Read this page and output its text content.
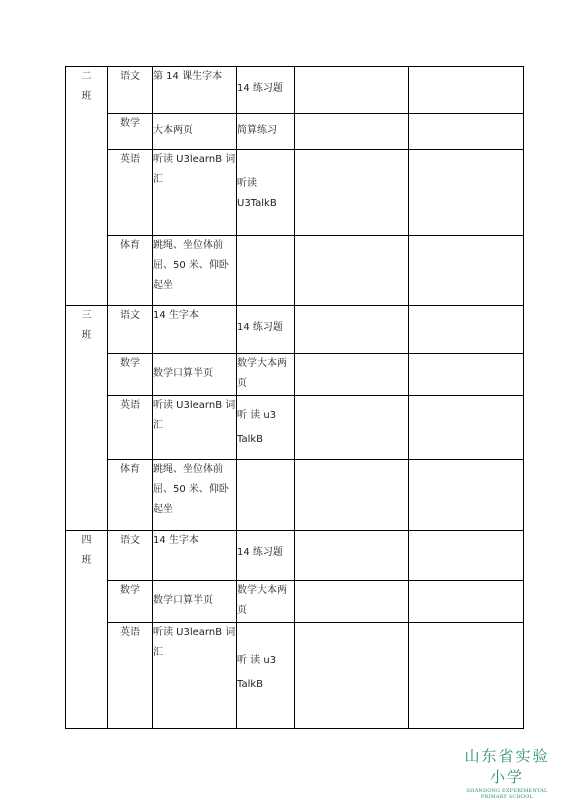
二
班	语文	第 14 课生字本	14 练习题		
	数学	大本两页	简算练习		
	英语	听读 U3learnB 词汇	听读 U3TalkB		
	体育	跳绳、坐位体前屈、50 米、仰卧起坐			

三
班	语文	14 生字本	14 练习题		
	数学	数学口算半页	数学大本两页		
	英语	听读 U3learnB 词汇	听 读 u3 TalkB		
	体育	跳绳、坐位体前屈、50 米、仰卧起坐			

四
班	语文	14 生字本	14 练习题		
	数学	数学口算半页	数学大本两页		
	英语	听读 U3learnB 词汇	听 读 u3 TalkB		
山东省实验小学
SHANDONG EXPERIMENTAL PRIMARY SCHOOL
